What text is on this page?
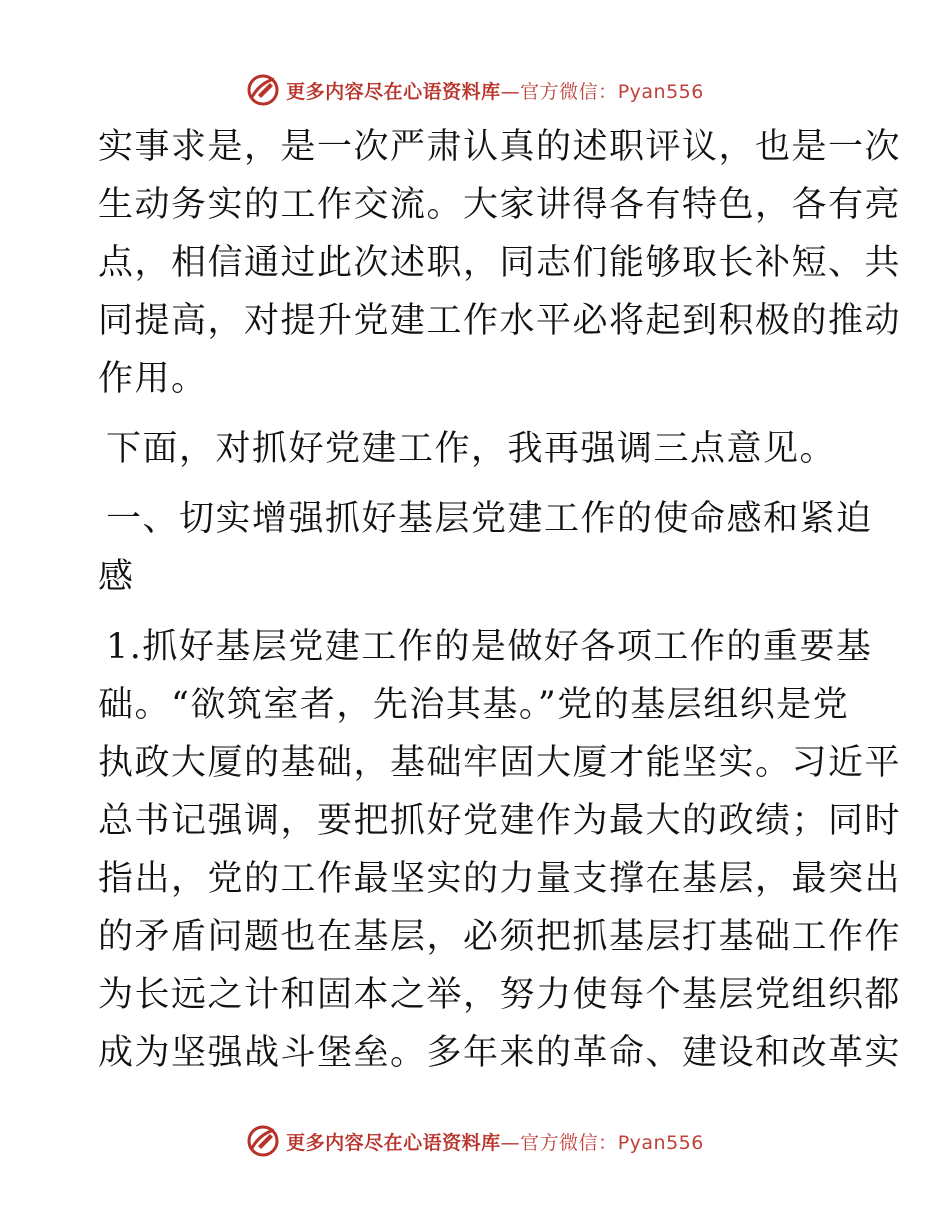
更多内容尽在心语资料库—官方微信：Pyan556
实事求是，是一次严肃认真的述职评议，也是一次
生动务实的工作交流。大家讲得各有特色，各有亮
点，相信通过此次述职，同志们能够取长补短、共
同提高，对提升党建工作水平必将起到积极的推动
作用。
下面，对抓好党建工作，我再强调三点意见。
一、切实增强抓好基层党建工作的使命感和紧迫
感
1.抓好基层党建工作的是做好各项工作的重要基
础。“欲筑室者，先治其基。”党的基层组织是党
执政大厦的基础，基础牢固大厦才能坚实。习近平
总书记强调，要把抓好党建作为最大的政绩；同时
指出，党的工作最坚实的力量支撑在基层，最突出
的矛盾问题也在基层，必须把抓基层打基础工作作
为长远之计和固本之举，努力使每个基层党组织都
成为坚强战斗堡垒。多年来的革命、建设和改革实
更多内容尽在心语资料库—官方微信：Pyan556
